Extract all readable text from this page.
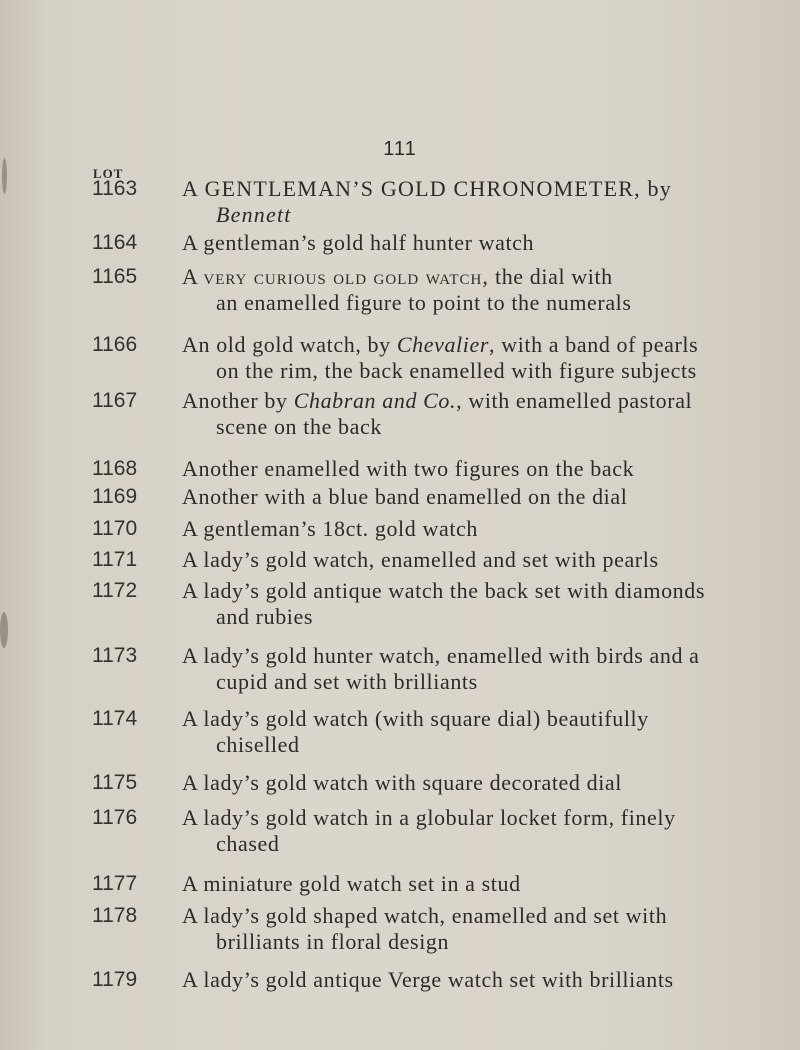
111
LOT
1163 A GENTLEMAN’S GOLD CHRONOMETER, by
Bennett
1164 A gentleman’s gold half hunter watch
1165 A very curious old gold watch, the dial with
an enamelled figure to point to the numerals
1166 An old gold watch, by Chevalier, with a band of pearls
on the rim, the back enamelled with figure subjects
1167 Another by Chabran and Co., with enamelled pastoral
scene on the back
1168 Another enamelled with two figures on the back
1169 Another with a blue band enamelled on the dial
1170 A gentleman’s 18ct. gold watch
1171 A lady’s gold watch, enamelled and set with pearls
1172 A lady’s gold antique watch the back set with diamonds
and rubies
1173 A lady’s gold hunter watch, enamelled with birds and a
cupid and set with brilliants
1174 A lady’s gold watch (with square dial) beautifully
chiselled
1175 A lady’s gold watch with square decorated dial
1176 A lady’s gold watch in a globular locket form, finely
chased
1177 A miniature gold watch set in a stud
1178 A lady’s gold shaped watch, enamelled and set with
brilliants in floral design
1179 A lady’s gold antique Verge watch set with brilliants
